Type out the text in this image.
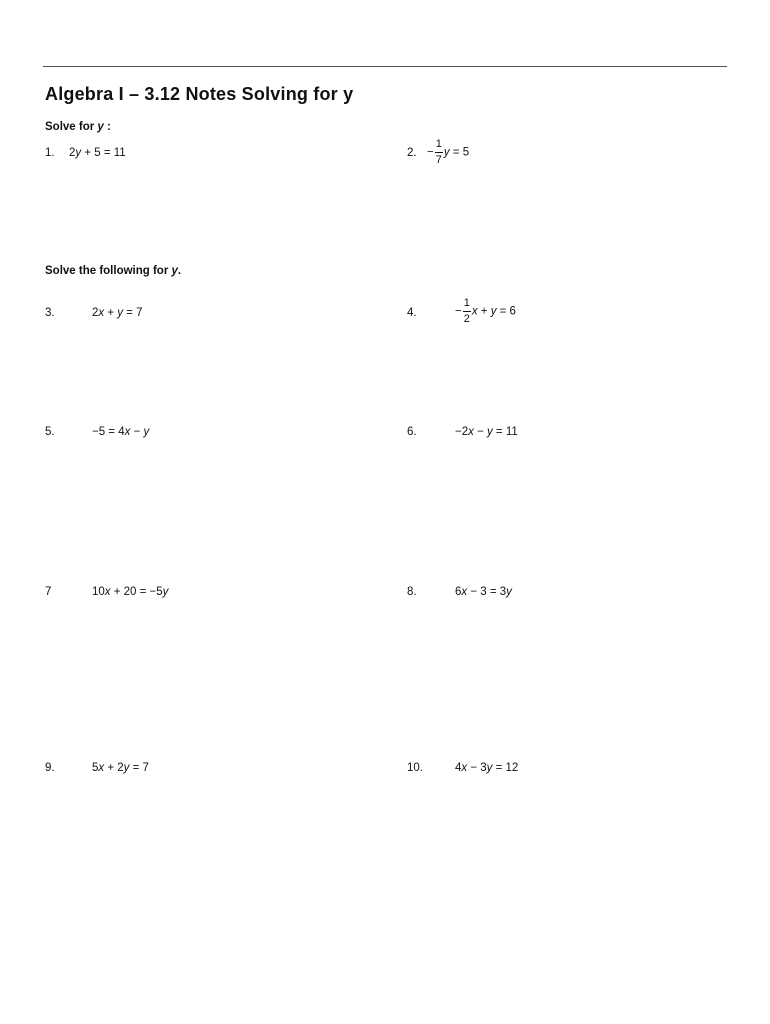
Algebra I – 3.12 Notes Solving for y
Solve for y :
1. 2y + 5 = 11	2. − $\frac{1}{7}$ y = 5
Solve the following for y.
3.	2x + y = 7	4.	− $\frac{1}{2}$ x + y = 6
5.	−5 = 4x − y	6.	−2x − y = 11
7	10x + 20 = −5y	8.	6x − 3 = 3y
9.	5x + 2y = 7	10.	4x − 3y = 12
